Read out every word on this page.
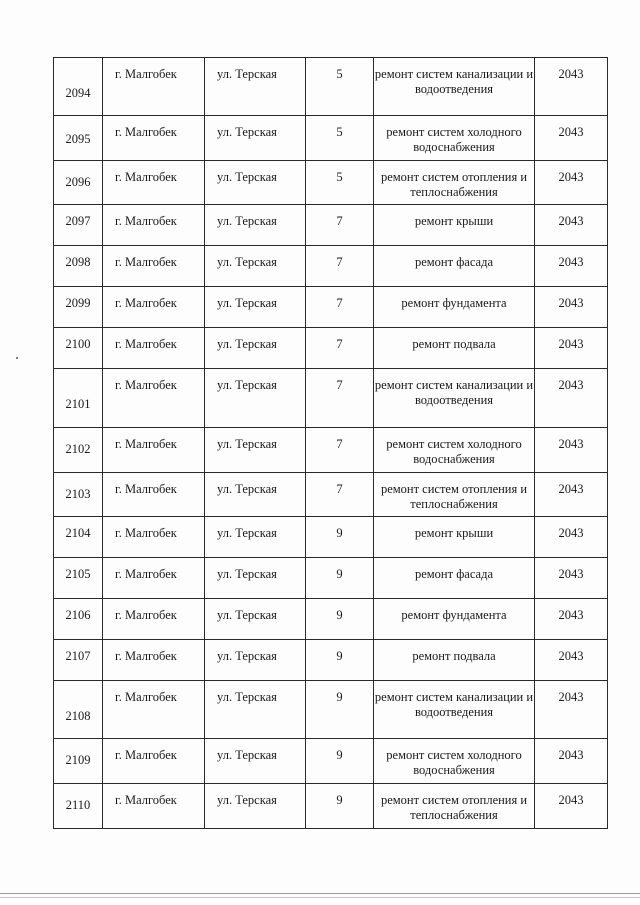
2094	г. Малгобек	ул. Терская	5	ремонт систем канализации и водоотведения	2043

2095	г. Малгобек	ул. Терская	5	ремонт систем холодного водоснабжения	2043

2096	г. Малгобек	ул. Терская	5	ремонт систем отопления и теплоснабжения	2043

2097	г. Малгобек	ул. Терская	7	ремонт крыши	2043

2098	г. Малгобек	ул. Терская	7	ремонт фасада	2043

2099	г. Малгобек	ул. Терская	7	ремонт фундамента	2043

2100	г. Малгобек	ул. Терская	7	ремонт подвала	2043

2101	г. Малгобек	ул. Терская	7	ремонт систем канализации и водоотведения	2043

2102	г. Малгобек	ул. Терская	7	ремонт систем холодного водоснабжения	2043

2103	г. Малгобек	ул. Терская	7	ремонт систем отопления и теплоснабжения	2043

2104	г. Малгобек	ул. Терская	9	ремонт крыши	2043

2105	г. Малгобек	ул. Терская	9	ремонт фасада	2043

2106	г. Малгобек	ул. Терская	9	ремонт фундамента	2043

2107	г. Малгобек	ул. Терская	9	ремонт подвала	2043

2108	г. Малгобек	ул. Терская	9	ремонт систем канализации и водоотведения	2043

2109	г. Малгобек	ул. Терская	9	ремонт систем холодного водоснабжения	2043

2110	г. Малгобек	ул. Терская	9	ремонт систем отопления и теплоснабжения	2043
